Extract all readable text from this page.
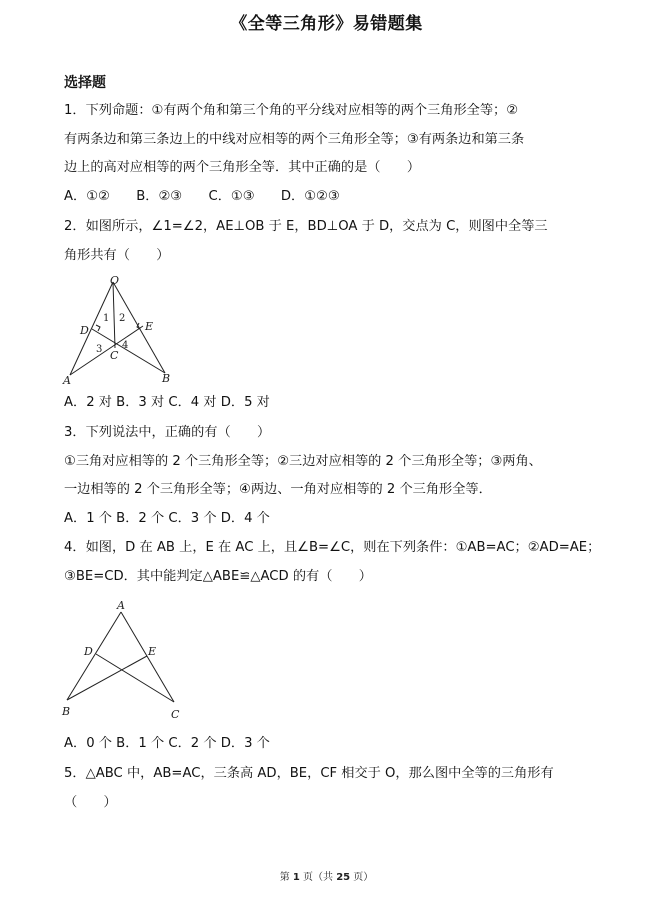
《全等三角形》易错题集
选择题
1．下列命题：①有两个角和第三个角的平分线对应相等的两个三角形全等；②
有两条边和第三条边上的中线对应相等的两个三角形全等；③有两条边和第三条
边上的高对应相等的两个三角形全等．其中正确的是（　　）
A．①②　　B．②③　　C．①③　　D．①②③
2．如图所示，∠1=∠2，AE⊥OB 于 E，BD⊥OA 于 D，交点为 C，则图中全等三
角形共有（　　）
O
D	E
C
A	B
1 2
3 4
A．2 对 B．3 对 C．4 对 D．5 对
3．下列说法中，正确的有（　　）
①三角对应相等的 2 个三角形全等；②三边对应相等的 2 个三角形全等；③两角、
一边相等的 2 个三角形全等；④两边、一角对应相等的 2 个三角形全等．
A．1 个 B．2 个 C．3 个 D．4 个
4．如图，D 在 AB 上，E 在 AC 上，且∠B=∠C，则在下列条件：①AB=AC；②AD=AE；
③BE=CD．其中能判定△ABE≌△ACD 的有（　　）
A
D	E
B	C
A．0 个 B．1 个 C．2 个 D．3 个
5．△ABC 中，AB=AC，三条高 AD，BE，CF 相交于 O，那么图中全等的三角形有
（　　）
第 1 页（共 25 页）
